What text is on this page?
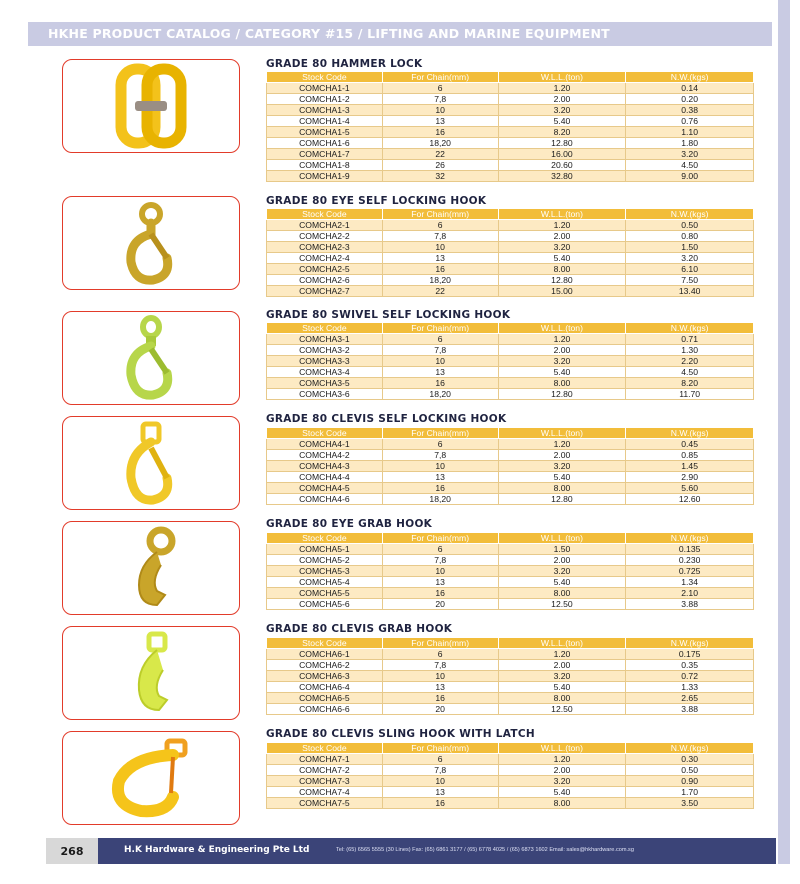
HKHE PRODUCT CATALOG / CATEGORY #15 / LIFTING AND MARINE EQUIPMENT
GRADE 80 HAMMER LOCK
Stock Code	For Chain(mm)	W.L.L.(ton)	N.W.(kgs)
COMCHA1-1	6	1.20	0.14
COMCHA1-2	7,8	2.00	0.20
COMCHA1-3	10	3.20	0.38
COMCHA1-4	13	5.40	0.76
COMCHA1-5	16	8.20	1.10
COMCHA1-6	18,20	12.80	1.80
COMCHA1-7	22	16.00	3.20
COMCHA1-8	26	20.60	4.50
COMCHA1-9	32	32.80	9.00
GRADE 80 EYE SELF LOCKING HOOK
Stock Code	For Chain(mm)	W.L.L.(ton)	N.W.(kgs)
COMCHA2-1	6	1.20	0.50
COMCHA2-2	7,8	2.00	0.80
COMCHA2-3	10	3.20	1.50
COMCHA2-4	13	5.40	3.20
COMCHA2-5	16	8.00	6.10
COMCHA2-6	18,20	12.80	7.50
COMCHA2-7	22	15.00	13.40
GRADE 80 SWIVEL SELF LOCKING HOOK
Stock Code	For Chain(mm)	W.L.L.(ton)	N.W.(kgs)
COMCHA3-1	6	1.20	0.71
COMCHA3-2	7,8	2.00	1.30
COMCHA3-3	10	3.20	2.20
COMCHA3-4	13	5.40	4.50
COMCHA3-5	16	8.00	8.20
COMCHA3-6	18,20	12.80	11.70
GRADE 80 CLEVIS SELF LOCKING HOOK
Stock Code	For Chain(mm)	W.L.L.(ton)	N.W.(kgs)
COMCHA4-1	6	1.20	0.45
COMCHA4-2	7,8	2.00	0.85
COMCHA4-3	10	3.20	1.45
COMCHA4-4	13	5.40	2.90
COMCHA4-5	16	8.00	5.60
COMCHA4-6	18,20	12.80	12.60
GRADE 80 EYE GRAB HOOK
Stock Code	For Chain(mm)	W.L.L.(ton)	N.W.(kgs)
COMCHA5-1	6	1.50	0.135
COMCHA5-2	7,8	2.00	0.230
COMCHA5-3	10	3.20	0.725
COMCHA5-4	13	5.40	1.34
COMCHA5-5	16	8.00	2.10
COMCHA5-6	20	12.50	3.88
GRADE 80 CLEVIS GRAB HOOK
Stock Code	For Chain(mm)	W.L.L.(ton)	N.W.(kgs)
COMCHA6-1	6	1.20	0.175
COMCHA6-2	7,8	2.00	0.35
COMCHA6-3	10	3.20	0.72
COMCHA6-4	13	5.40	1.33
COMCHA6-5	16	8.00	2.65
COMCHA6-6	20	12.50	3.88
GRADE 80 CLEVIS SLING HOOK WITH LATCH
Stock Code	For Chain(mm)	W.L.L.(ton)	N.W.(kgs)
COMCHA7-1	6	1.20	0.30
COMCHA7-2	7,8	2.00	0.50
COMCHA7-3	10	3.20	0.90
COMCHA7-4	13	5.40	1.70
COMCHA7-5	16	8.00	3.50
268	H.K Hardware & Engineering Pte Ltd	Tel: (65) 6565 5555 (30 Lines) Fax: (65) 6861 3177 / (65) 6778 4025 / (65) 6873 1602 Email: sales@hkhardware.com.sg
